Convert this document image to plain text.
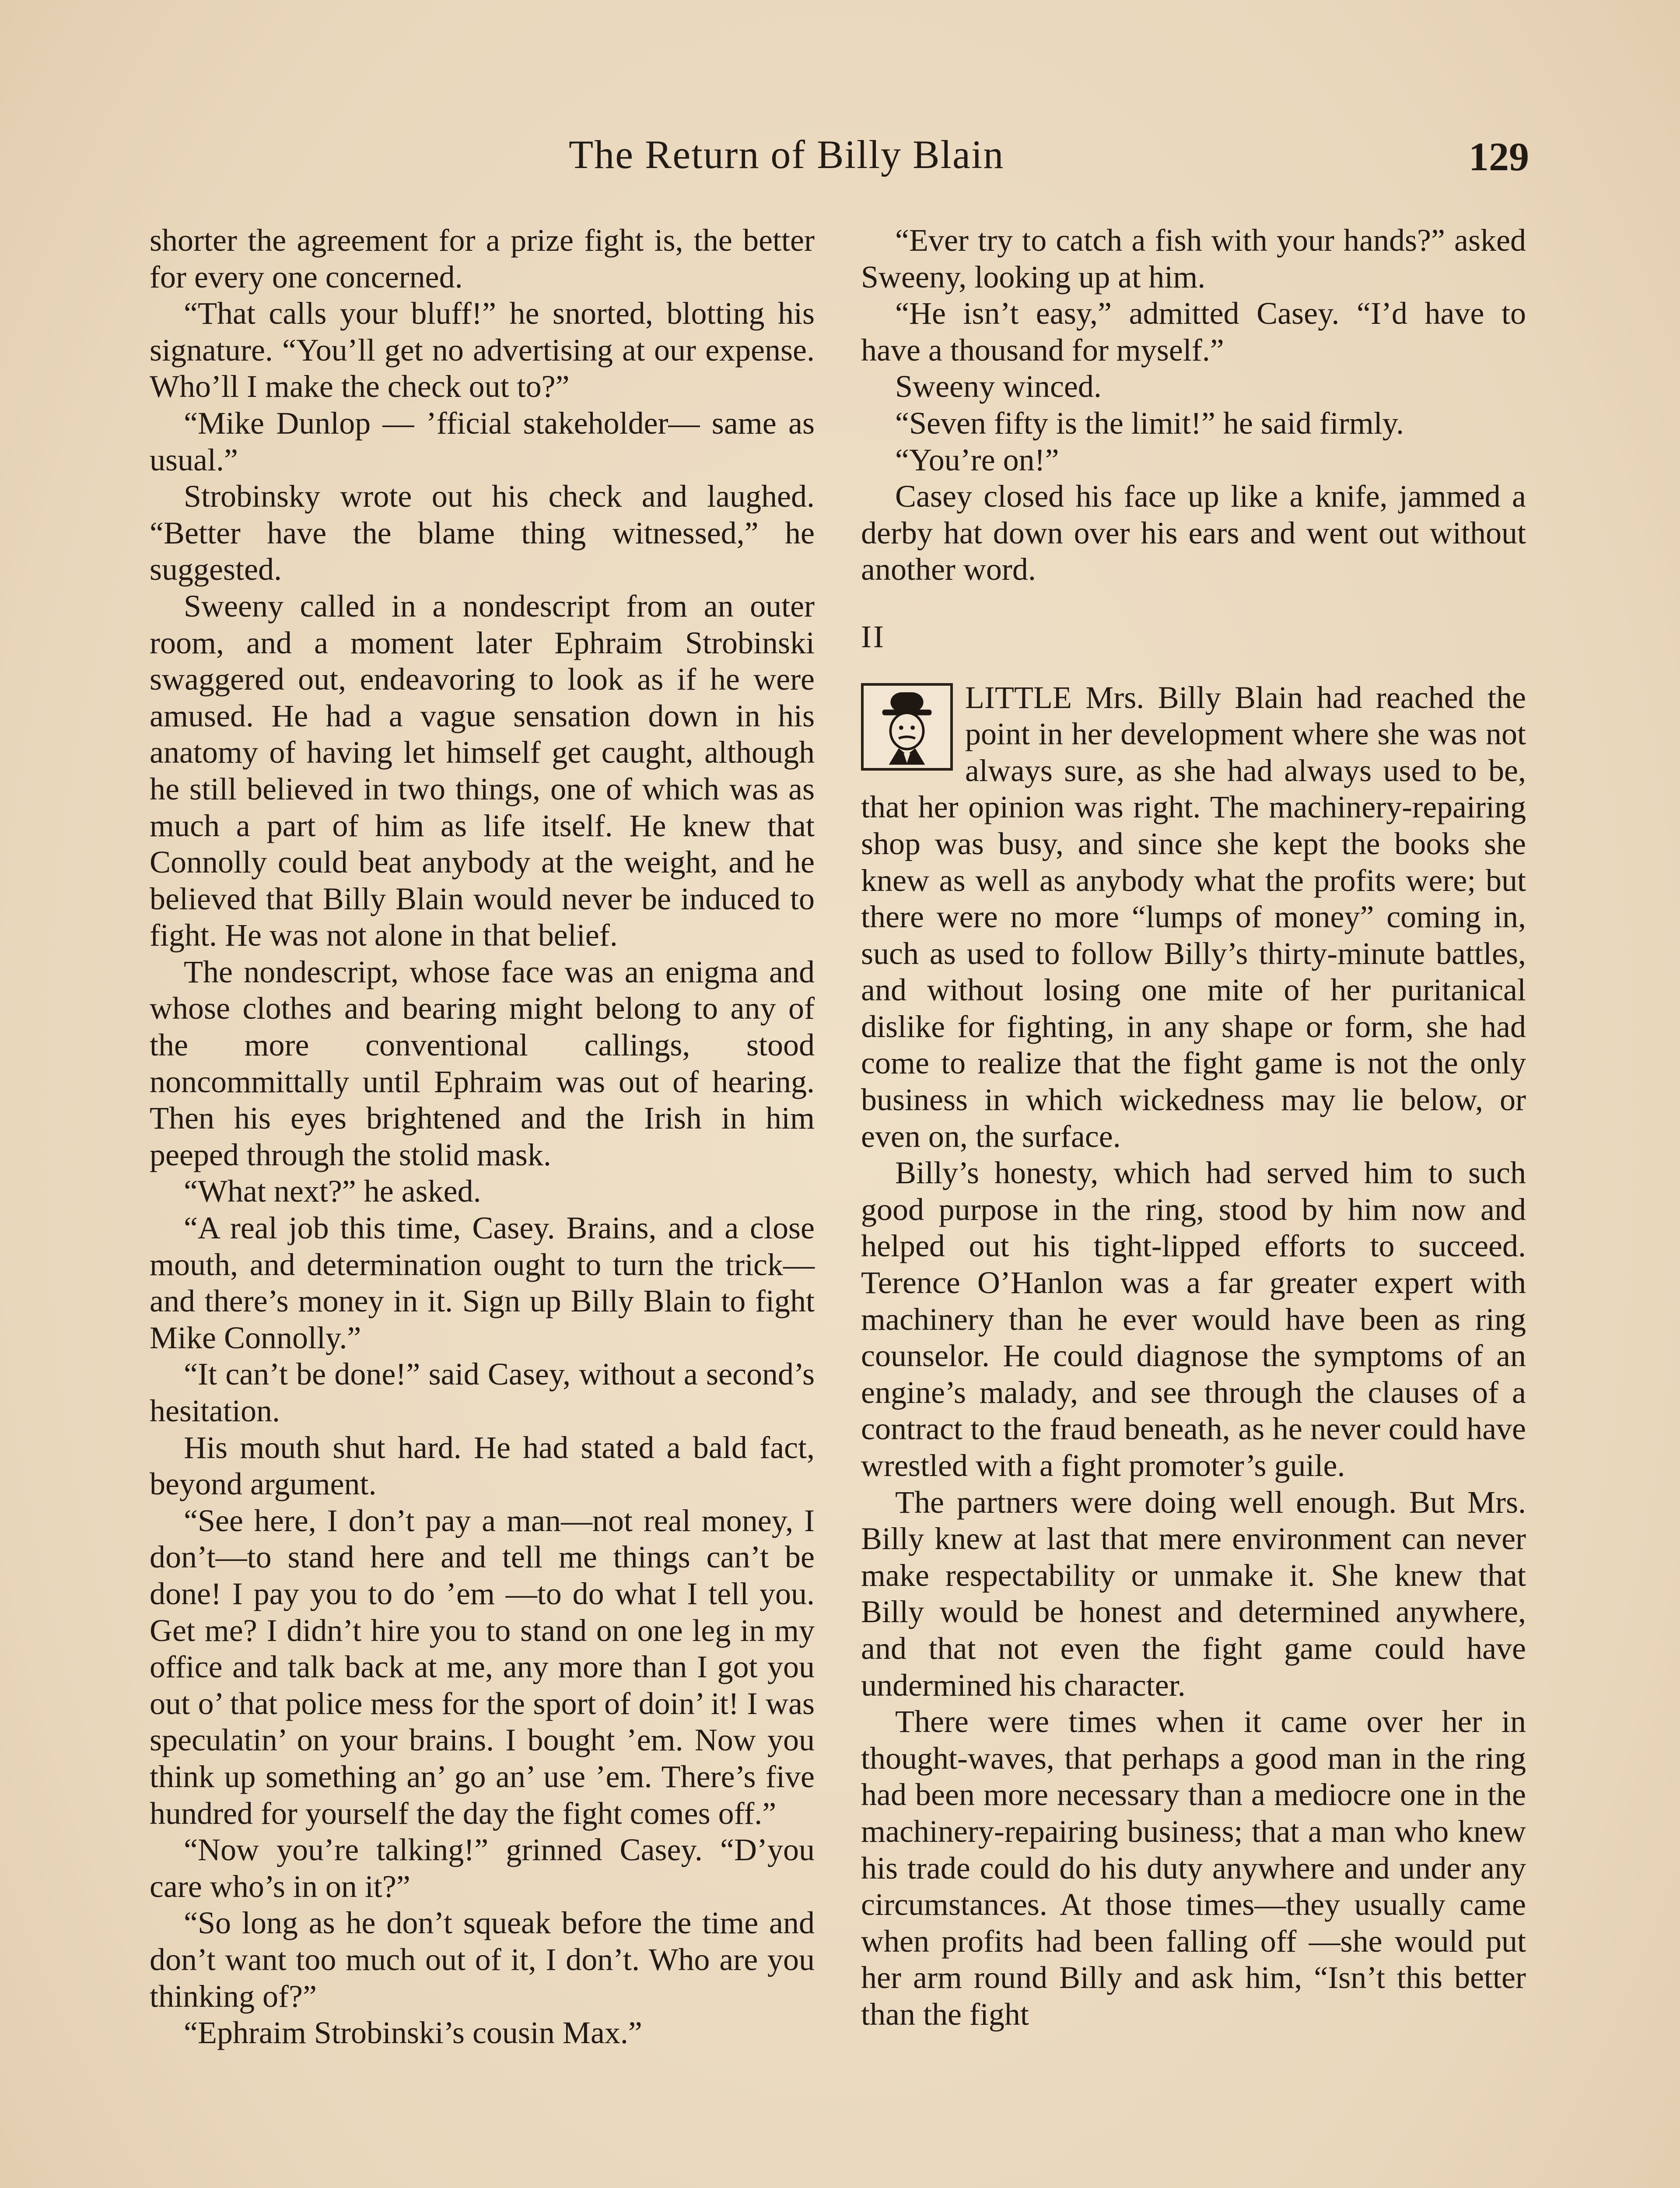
The Return of Billy Blain	129

shorter the agreement for a prize fight is, the better for every one concerned.

“That calls your bluff!” he snorted, blotting his signature. “You’ll get no advertising at our expense. Who’ll I make the check out to?”

“Mike Dunlop — ’fficial stakeholder— same as usual.”

Strobinsky wrote out his check and laughed. “Better have the blame thing witnessed,” he suggested.

Sweeny called in a nondescript from an outer room, and a moment later Ephraim Strobinski swaggered out, endeavoring to look as if he were amused. He had a vague sensation down in his anatomy of having let himself get caught, although he still believed in two things, one of which was as much a part of him as life itself. He knew that Connolly could beat anybody at the weight, and he believed that Billy Blain would never be induced to fight. He was not alone in that belief.

The nondescript, whose face was an enigma and whose clothes and bearing might belong to any of the more conventional callings, stood noncommittally until Ephraim was out of hearing. Then his eyes brightened and the Irish in him peeped through the stolid mask.

“What next?” he asked.

“A real job this time, Casey. Brains, and a close mouth, and determination ought to turn the trick—and there’s money in it. Sign up Billy Blain to fight Mike Connolly.”

“It can’t be done!” said Casey, without a second’s hesitation.

His mouth shut hard. He had stated a bald fact, beyond argument.

“See here, I don’t pay a man—not real money, I don’t—to stand here and tell me things can’t be done! I pay you to do ’em —to do what I tell you. Get me? I didn’t hire you to stand on one leg in my office and talk back at me, any more than I got you out o’ that police mess for the sport of doin’ it! I was speculatin’ on your brains. I bought ’em. Now you think up something an’ go an’ use ’em. There’s five hundred for yourself the day the fight comes off.”

“Now you’re talking!” grinned Casey. “D’you care who’s in on it?”

“So long as he don’t squeak before the time and don’t want too much out of it, I don’t. Who are you thinking of?”

“Ephraim Strobinski’s cousin Max.”

“Ever try to catch a fish with your hands?” asked Sweeny, looking up at him.

“He isn’t easy,” admitted Casey. “I’d have to have a thousand for myself.”

Sweeny winced.

“Seven fifty is the limit!” he said firmly.

“You’re on!”

Casey closed his face up like a knife, jammed a derby hat down over his ears and went out without another word.

II

LITTLE Mrs. Billy Blain had reached the point in her development where she was not always sure, as she had always used to be, that her opinion was right. The machinery-repairing shop was busy, and since she kept the books she knew as well as anybody what the profits were; but there were no more “lumps of money” coming in, such as used to follow Billy’s thirty-minute battles, and without losing one mite of her puritanical dislike for fighting, in any shape or form, she had come to realize that the fight game is not the only business in which wickedness may lie below, or even on, the surface.

Billy’s honesty, which had served him to such good purpose in the ring, stood by him now and helped out his tight-lipped efforts to succeed. Terence O’Hanlon was a far greater expert with machinery than he ever would have been as ring counselor. He could diagnose the symptoms of an engine’s malady, and see through the clauses of a contract to the fraud beneath, as he never could have wrestled with a fight promoter’s guile.

The partners were doing well enough. But Mrs. Billy knew at last that mere environment can never make respectability or unmake it. She knew that Billy would be honest and determined anywhere, and that not even the fight game could have undermined his character.

There were times when it came over her in thought-waves, that perhaps a good man in the ring had been more necessary than a mediocre one in the machinery-repairing business; that a man who knew his trade could do his duty anywhere and under any circumstances. At those times—they usually came when profits had been falling off —she would put her arm round Billy and ask him, “Isn’t this better than the fight
